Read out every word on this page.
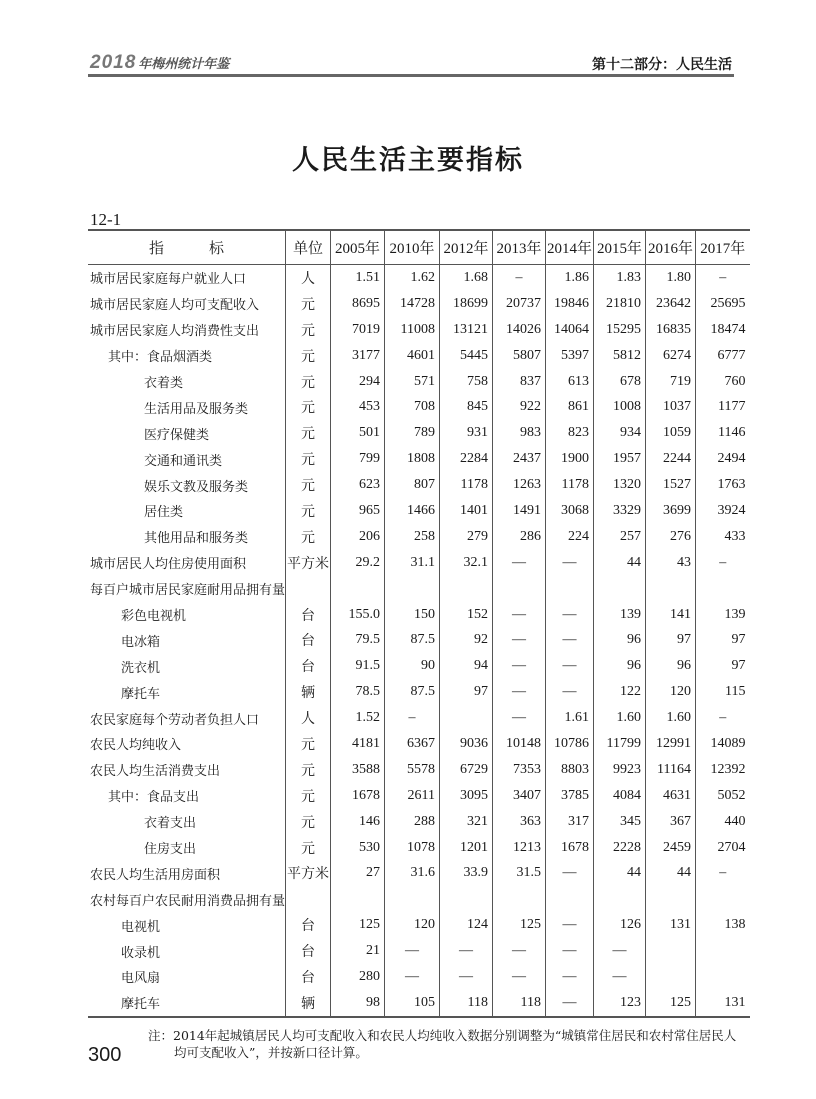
2018 年梅州统计年鉴	第十二部分：人民生活
人民生活主要指标
12-1
指　　　标	单位	2005年	2010年	2012年	2013年	2014年	2015年	2016年	2017年
城市居民家庭每户就业人口	人	1.51	1.62	1.68	–	1.86	1.83	1.80	–
城市居民家庭人均可支配收入	元	8695	14728	18699	20737	19846	21810	23642	25695
城市居民家庭人均消费性支出	元	7019	11008	13121	14026	14064	15295	16835	18474
其中：食品烟酒类	元	3177	4601	5445	5807	5397	5812	6274	6777
衣着类	元	294	571	758	837	613	678	719	760
生活用品及服务类	元	453	708	845	922	861	1008	1037	1177
医疗保健类	元	501	789	931	983	823	934	1059	1146
交通和通讯类	元	799	1808	2284	2437	1900	1957	2244	2494
娱乐文教及服务类	元	623	807	1178	1263	1178	1320	1527	1763
居住类	元	965	1466	1401	1491	3068	3329	3699	3924
其他用品和服务类	元	206	258	279	286	224	257	276	433
城市居民人均住房使用面积	平方米	29.2	31.1	32.1	—	—	44	43	–
每百户城市居民家庭耐用品拥有量									
彩色电视机	台	155.0	150	152	—	—	139	141	139
电冰箱	台	79.5	87.5	92	—	—	96	97	97
洗衣机	台	91.5	90	94	—	—	96	96	97
摩托车	辆	78.5	87.5	97	—	—	122	120	115
农民家庭每个劳动者负担人口	人	1.52	–		—	1.61	1.60	1.60	–
农民人均纯收入	元	4181	6367	9036	10148	10786	11799	12991	14089
农民人均生活消费支出	元	3588	5578	6729	7353	8803	9923	11164	12392
其中：食品支出	元	1678	2611	3095	3407	3785	4084	4631	5052
衣着支出	元	146	288	321	363	317	345	367	440
住房支出	元	530	1078	1201	1213	1678	2228	2459	2704
农民人均生活用房面积	平方米	27	31.6	33.9	31.5	—	44	44	–
农村每百户农民耐用消费品拥有量									
电视机	台	125	120	124	125	—	126	131	138
收录机	台	21	—	—	—	—	—		
电风扇	台	280	—	—	—	—	—		
摩托车	辆	98	105	118	118	—	123	125	131
注：2014年起城镇居民人均可支配收入和农民人均纯收入数据分别调整为“城镇常住居民和农村常住居民人
均可支配收入”，并按新口径计算。
300
